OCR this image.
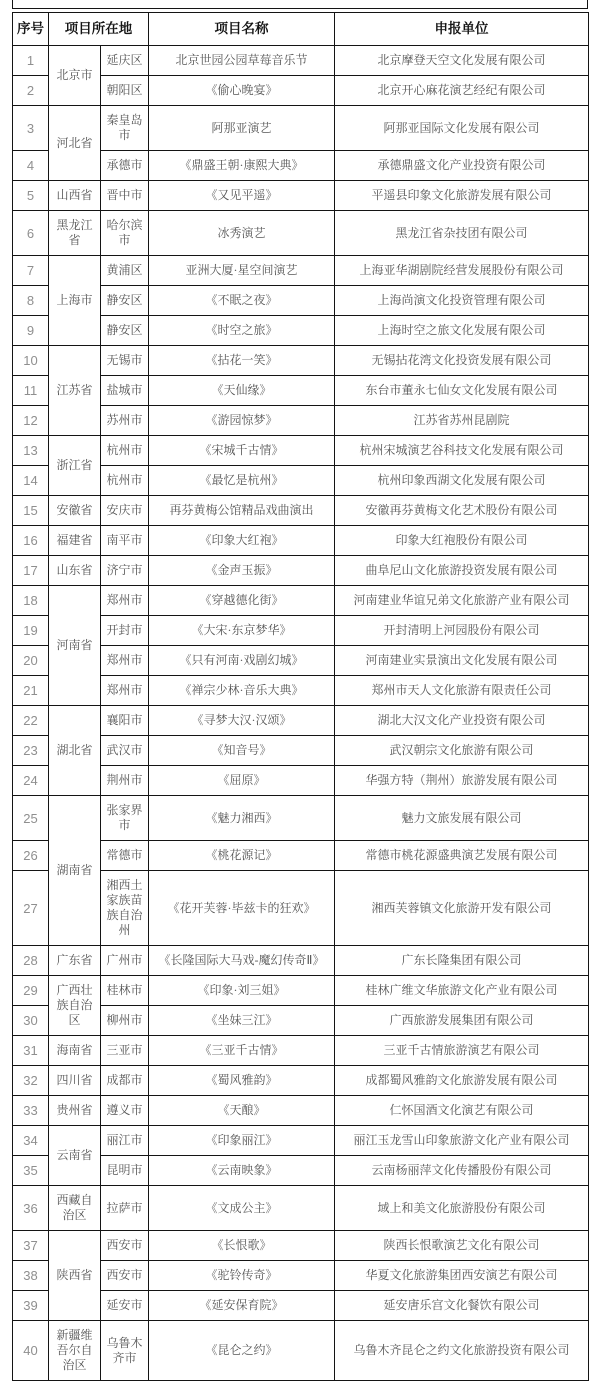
序号	项目所在地		项目名称	申报单位
1	北京市	延庆区	北京世园公园草莓音乐节	北京摩登天空文化发展有限公司
2		朝阳区	《偷心晚宴》	北京开心麻花演艺经纪有限公司
3	河北省	秦皇岛市	阿那亚演艺	阿那亚国际文化发展有限公司
4		承德市	《鼎盛王朝·康熙大典》	承德鼎盛文化产业投资有限公司
5	山西省	晋中市	《又见平遥》	平遥县印象文化旅游发展有限公司
6	黑龙江省	哈尔滨市	冰秀演艺	黑龙江省杂技团有限公司
7	上海市	黄浦区	亚洲大厦·星空间演艺	上海亚华湖剧院经营发展股份有限公司
8		静安区	《不眠之夜》	上海尚演文化投资管理有限公司
9		静安区	《时空之旅》	上海时空之旅文化发展有限公司
10	江苏省	无锡市	《拈花一笑》	无锡拈花湾文化投资发展有限公司
11		盐城市	《天仙缘》	东台市董永七仙女文化发展有限公司
12		苏州市	《游园惊梦》	江苏省苏州昆剧院
13	浙江省	杭州市	《宋城千古情》	杭州宋城演艺谷科技文化发展有限公司
14		杭州市	《最忆是杭州》	杭州印象西湖文化发展有限公司
15	安徽省	安庆市	再芬黄梅公馆精品戏曲演出	安徽再芬黄梅文化艺术股份有限公司
16	福建省	南平市	《印象大红袍》	印象大红袍股份有限公司
17	山东省	济宁市	《金声玉振》	曲阜尼山文化旅游投资发展有限公司
18	河南省	郑州市	《穿越德化街》	河南建业华谊兄弟文化旅游产业有限公司
19		开封市	《大宋·东京梦华》	开封清明上河园股份有限公司
20		郑州市	《只有河南·戏剧幻城》	河南建业实景演出文化发展有限公司
21		郑州市	《禅宗少林·音乐大典》	郑州市天人文化旅游有限责任公司
22	湖北省	襄阳市	《寻梦大汉·汉颂》	湖北大汉文化产业投资有限公司
23		武汉市	《知音号》	武汉朝宗文化旅游有限公司
24		荆州市	《屈原》	华强方特（荆州）旅游发展有限公司
25	湖南省	张家界市	《魅力湘西》	魅力文旅发展有限公司
26		常德市	《桃花源记》	常德市桃花源盛典演艺发展有限公司
27		湘西土家族苗族自治州	《花开芙蓉·毕兹卡的狂欢》	湘西芙蓉镇文化旅游开发有限公司
28	广东省	广州市	《长隆国际大马戏-魔幻传奇Ⅱ》	广东长隆集团有限公司
29	广西壮族自治区	桂林市	《印象·刘三姐》	桂林广维文华旅游文化产业有限公司
30		柳州市	《坐妹三江》	广西旅游发展集团有限公司
31	海南省	三亚市	《三亚千古情》	三亚千古情旅游演艺有限公司
32	四川省	成都市	《蜀风雅韵》	成都蜀风雅韵文化旅游发展有限公司
33	贵州省	遵义市	《天酿》	仁怀国酒文化演艺有限公司
34	云南省	丽江市	《印象丽江》	丽江玉龙雪山印象旅游文化产业有限公司
35		昆明市	《云南映象》	云南杨丽萍文化传播股份有限公司
36	西藏自治区	拉萨市	《文成公主》	域上和美文化旅游股份有限公司
37	陕西省	西安市	《长恨歌》	陕西长恨歌演艺文化有限公司
38		西安市	《驼铃传奇》	华夏文化旅游集团西安演艺有限公司
39		延安市	《延安保育院》	延安唐乐宫文化餐饮有限公司
40	新疆维吾尔自治区	乌鲁木齐市	《昆仑之约》	乌鲁木齐昆仑之约文化旅游投资有限公司
